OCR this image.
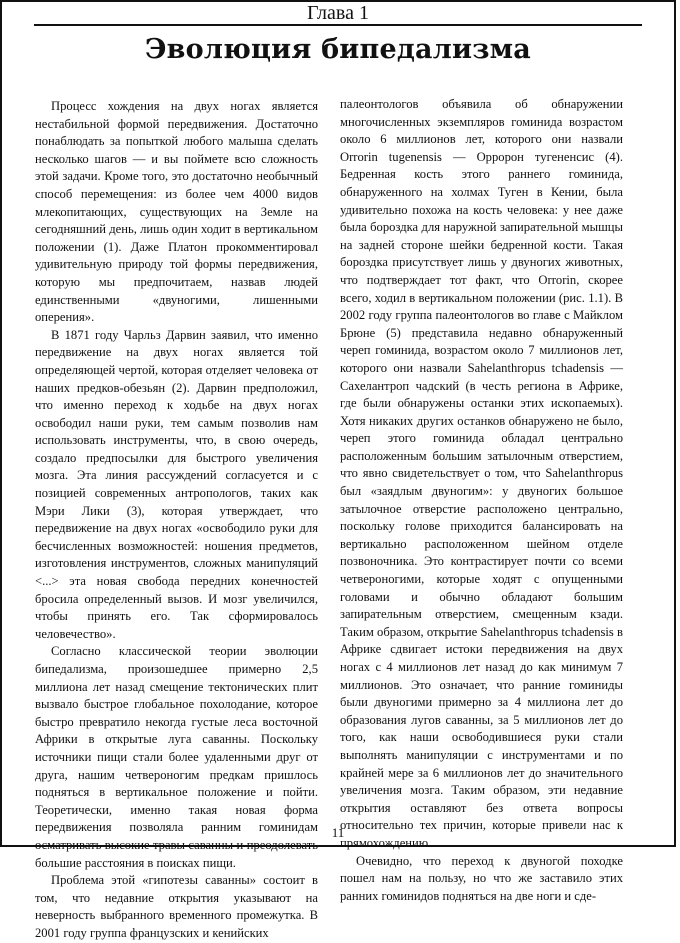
Глава 1
Эволюция бипедализма

Процесс хождения на двух ногах является нестабильной формой передвижения. Достаточно понаблюдать за попыткой любого малыша сделать несколько шагов — и вы поймете всю сложность этой задачи. Кроме того, это достаточно необычный способ перемещения: из более чем 4000 видов млекопитающих, существующих на Земле на сегодняшний день, лишь один ходит в вертикальном положении (1). Даже Платон прокомментировал удивительную природу той формы передвижения, которую мы предпочитаем, назвав людей единственными «двуногими, лишенными оперения».

В 1871 году Чарльз Дарвин заявил, что именно передвижение на двух ногах является той определяющей чертой, которая отделяет человека от наших предков-обезьян (2). Дарвин предположил, что именно переход к ходьбе на двух ногах освободил наши руки, тем самым позволив нам использовать инструменты, что, в свою очередь, создало предпосылки для быстрого увеличения мозга. Эта линия рассуждений согласуется и с позицией современных антропологов, таких как Мэри Лики (3), которая утверждает, что передвижение на двух ногах «освободило руки для бесчисленных возможностей: ношения предметов, изготовления инструментов, сложных манипуляций <...> эта новая свобода передних конечностей бросила определенный вызов. И мозг увеличился, чтобы принять его. Так сформировалось человечество».

Согласно классической теории эволюции бипедализма, произошедшее примерно 2,5 миллиона лет назад смещение тектонических плит вызвало быстрое глобальное похолодание, которое быстро превратило некогда густые леса восточной Африки в открытые луга саванны. Поскольку источники пищи стали более удаленными друг от друга, нашим четвероногим предкам пришлось подняться в вертикальное положение и пойти. Теоретически, именно такая новая форма передвижения позволяла ранним гоминидам осматривать высокие травы саванны и преодолевать большие расстояния в поисках пищи.

Проблема этой «гипотезы саванны» состоит в том, что недавние открытия указывают на неверность выбранного временного промежутка. В 2001 году группа французских и кенийских

палеонтологов объявила об обнаружении многочисленных экземпляров гоминида возрастом около 6 миллионов лет, которого они назвали Orrorin tugenensis — Орророн тугененсис (4). Бедренная кость этого раннего гоминида, обнаруженного на холмах Туген в Кении, была удивительно похожа на кость человека: у нее даже была бороздка для наружной запирательной мышцы на задней стороне шейки бедренной кости. Такая бороздка присутствует лишь у двуногих животных, что подтверждает тот факт, что Orrorin, скорее всего, ходил в вертикальном положении (рис. 1.1). В 2002 году группа палеонтологов во главе с Майклом Брюне (5) представила недавно обнаруженный череп гоминида, возрастом около 7 миллионов лет, которого они назвали Sahelanthropus tchadensis — Сахелантроп чадский (в честь региона в Африке, где были обнаружены останки этих ископаемых). Хотя никаких других останков обнаружено не было, череп этого гоминида обладал центрально расположенным большим затылочным отверстием, что явно свидетельствует о том, что Sahelanthropus был «заядлым двуногим»: у двуногих большое затылочное отверстие расположено центрально, поскольку голове приходится балансировать на вертикально расположенном шейном отделе позвоночника. Это контрастирует почти со всеми четвероногими, которые ходят с опущенными головами и обычно обладают большим запирательным отверстием, смещенным кзади. Таким образом, открытие Sahelanthropus tchadensis в Африке сдвигает истоки передвижения на двух ногах с 4 миллионов лет назад до как минимум 7 миллионов. Это означает, что ранние гоминиды были двуногими примерно за 4 миллиона лет до образования лугов саванны, за 5 миллионов лет до того, как наши освободившиеся руки стали выполнять манипуляции с инструментами и по крайней мере за 6 миллионов лет до значительного увеличения мозга. Таким образом, эти недавние открытия оставляют без ответа вопросы относительно тех причин, которые привели нас к прямохождению.

Очевидно, что переход к двуногой походке пошел нам на пользу, но что же заставило этих ранних гоминидов подняться на две ноги и сде-

11
